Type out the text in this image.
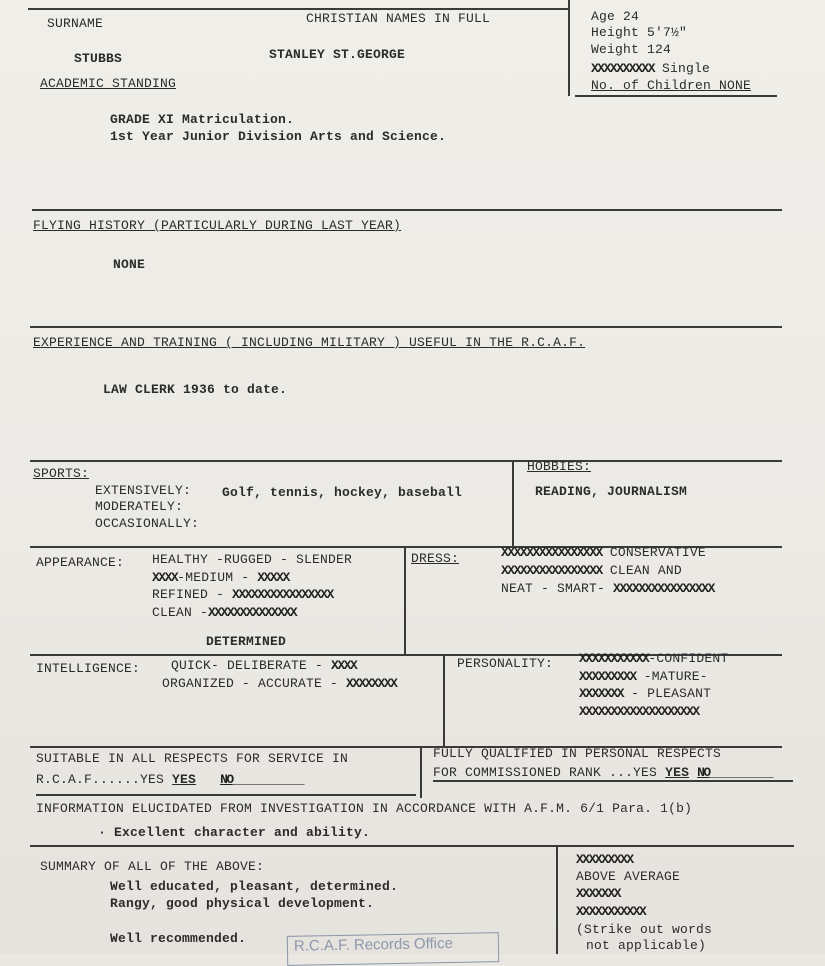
SURNAME	CHRISTIAN NAMES IN FULL
STUBBS	STANLEY ST.GEORGE
Age 24
Height 5'7½"
Weight 124
XXXXXXXXXX Single
No. of Children NONE
ACADEMIC STANDING
GRADE XI Matriculation.
1st Year Junior Division Arts and Science.
FLYING HISTORY (PARTICULARLY DURING LAST YEAR)
NONE
EXPERIENCE AND TRAINING ( INCLUDING MILITARY ) USEFUL IN THE R.C.A.F.
LAW CLERK 1936 to date.
SPORTS:
EXTENSIVELY: Golf, tennis, hockey, baseball
MODERATELY:
OCCASIONALLY:
HOBBIES:
READING, JOURNALISM
APPEARANCE: HEALTHY -RUGGED - SLENDER
XXXX-MEDIUM - XXXXX
REFINED - XXXXXXXXXXXXXXXX
CLEAN -XXXXXXXXXXXXXX
DETERMINED
DRESS:	XXXXXXXXXXXXXXXX CONSERVATIVE
XXXXXXXXXXXXXXXX CLEAN AND
NEAT - SMART- XXXXXXXXXXXXXXXX
INTELLIGENCE: QUICK- DELIBERATE - XXXX
ORGANIZED - ACCURATE - XXXXXXXX
PERSONALITY: XXXXXXXXXXX-CONFIDENT
XXXXXXXXX -MATURE-
XXXXXXX - PLEASANT
XXXXXXXXXXXXXXXXXXX
SUITABLE IN ALL RESPECTS FOR SERVICE IN
R.C.A.F......YES YES NO_________
FULLY QUALIFIED IN PERSONAL RESPECTS
FOR COMMISSIONED RANK ...YES YES NO________
INFORMATION ELUCIDATED FROM INVESTIGATION IN ACCORDANCE WITH A.F.M. 6/1 Para. 1(b)
· Excellent character and ability.
SUMMARY OF ALL OF THE ABOVE:
Well educated, pleasant, determined.
Rangy, good physical development.
Well recommended.
XXXXXXXXX
ABOVE AVERAGE
XXXXXXX
XXXXXXXXXXX
(Strike out words
not applicable)
R.C.A.F. Records Office
